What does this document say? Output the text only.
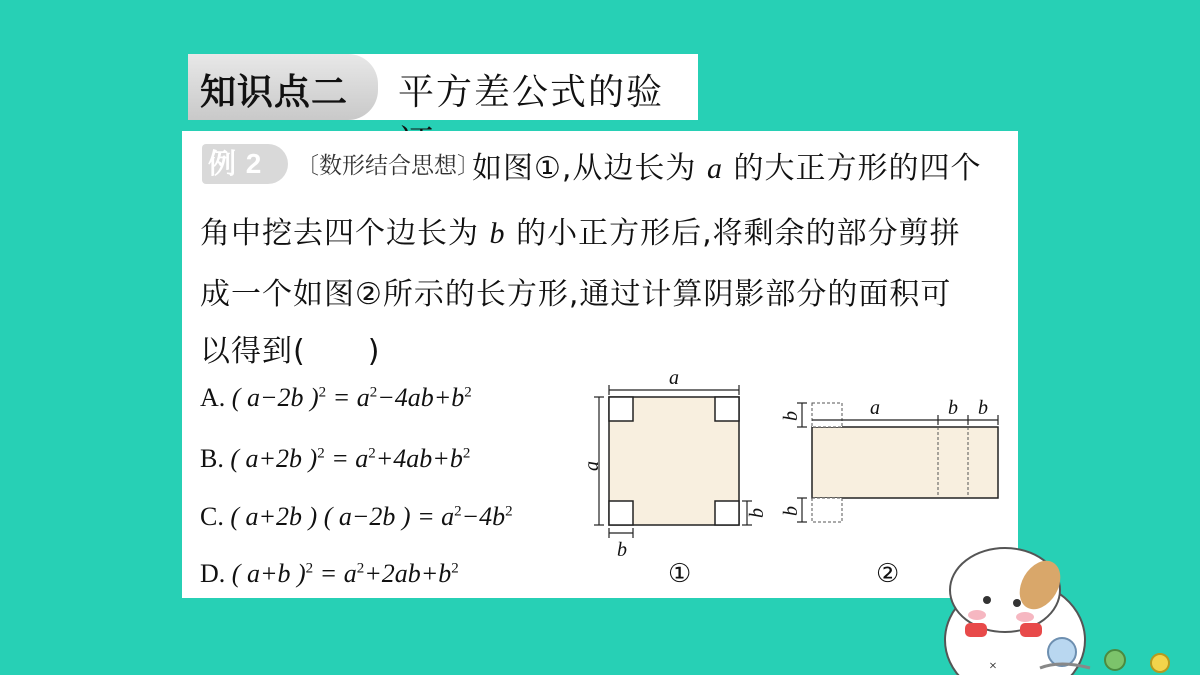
知识点二 平方差公式的验
例 2	〔数形结合思想〕
如图①,从边长为 a 的大正方形的四个
角中挖去四个边长为 b 的小正方形后,将剩余的部分剪拼
成一个如图②所示的长方形,通过计算阴影部分的面积可
以得到(　　)
A. ( a−2b )$^2 = a^2-4ab+b^2$
B. ( a+2b )$^2 = a^2+4ab+b^2$
C. ( a+2b ) ( a−2b ) = $a^2-4b^2$
D. ( a+b )$^2 = a^2+2ab+b^2$
a
a
b
b
①
a	b b
b
b
②
×
